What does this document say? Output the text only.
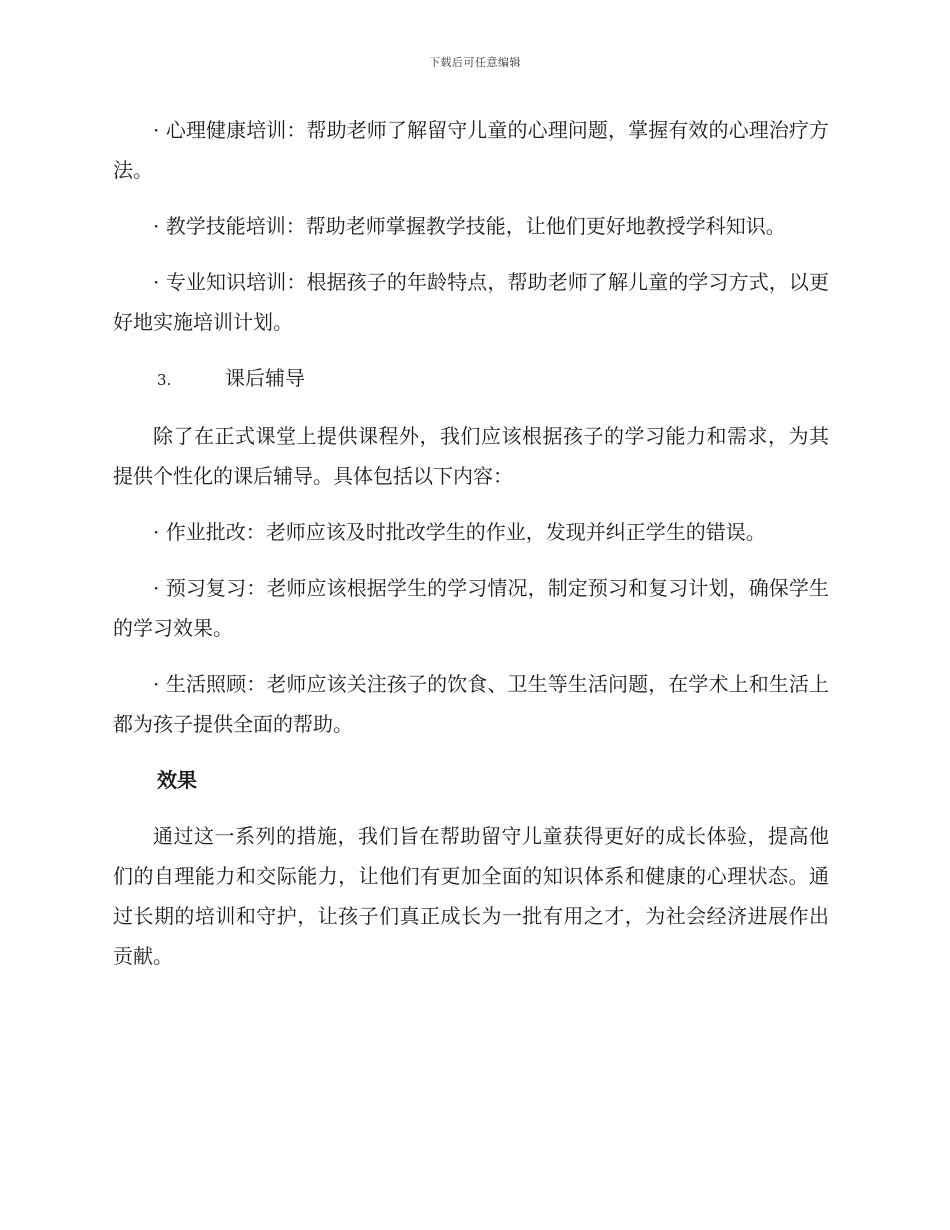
下载后可任意编辑

· 心理健康培训：帮助老师了解留守儿童的心理问题，掌握有效的心理治疗方法。

· 教学技能培训：帮助老师掌握教学技能，让他们更好地教授学科知识。

· 专业知识培训：根据孩子的年龄特点，帮助老师了解儿童的学习方式，以更好地实施培训计划。

3.	课后辅导

除了在正式课堂上提供课程外，我们应该根据孩子的学习能力和需求，为其提供个性化的课后辅导。具体包括以下内容：

· 作业批改：老师应该及时批改学生的作业，发现并纠正学生的错误。

· 预习复习：老师应该根据学生的学习情况，制定预习和复习计划，确保学生的学习效果。

· 生活照顾：老师应该关注孩子的饮食、卫生等生活问题，在学术上和生活上都为孩子提供全面的帮助。

效果

通过这一系列的措施，我们旨在帮助留守儿童获得更好的成长体验，提高他们的自理能力和交际能力，让他们有更加全面的知识体系和健康的心理状态。通过长期的培训和守护，让孩子们真正成长为一批有用之才，为社会经济进展作出贡献。
